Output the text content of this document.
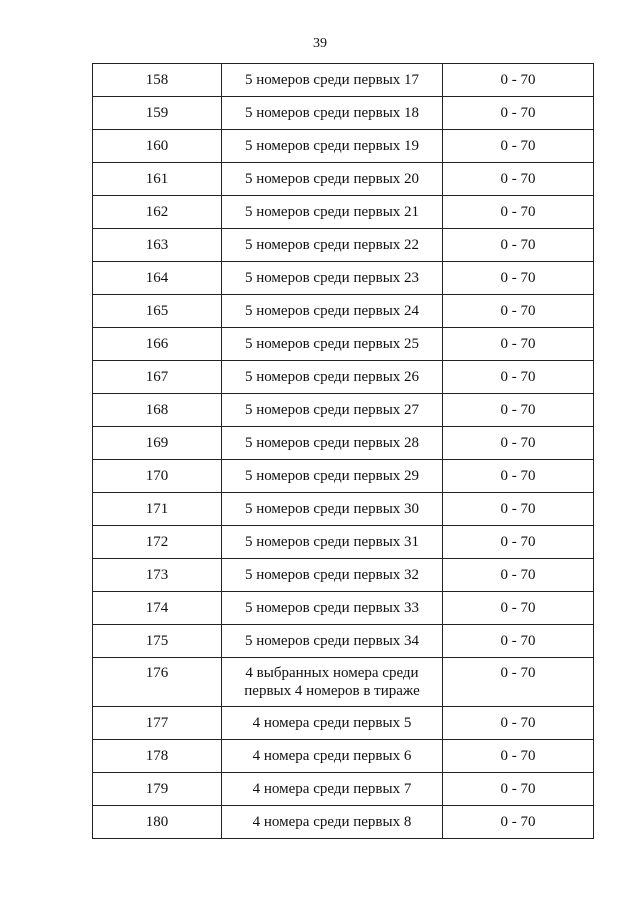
39
158	5 номеров среди первых 17	0 - 70
159	5 номеров среди первых 18	0 - 70
160	5 номеров среди первых 19	0 - 70
161	5 номеров среди первых 20	0 - 70
162	5 номеров среди первых 21	0 - 70
163	5 номеров среди первых 22	0 - 70
164	5 номеров среди первых 23	0 - 70
165	5 номеров среди первых 24	0 - 70
166	5 номеров среди первых 25	0 - 70
167	5 номеров среди первых 26	0 - 70
168	5 номеров среди первых 27	0 - 70
169	5 номеров среди первых 28	0 - 70
170	5 номеров среди первых 29	0 - 70
171	5 номеров среди первых 30	0 - 70
172	5 номеров среди первых 31	0 - 70
173	5 номеров среди первых 32	0 - 70
174	5 номеров среди первых 33	0 - 70
175	5 номеров среди первых 34	0 - 70
176	4 выбранных номера среди
первых 4 номеров в тираже	0 - 70
177	4 номера среди первых 5	0 - 70
178	4 номера среди первых 6	0 - 70
179	4 номера среди первых 7	0 - 70
180	4 номера среди первых 8	0 - 70
